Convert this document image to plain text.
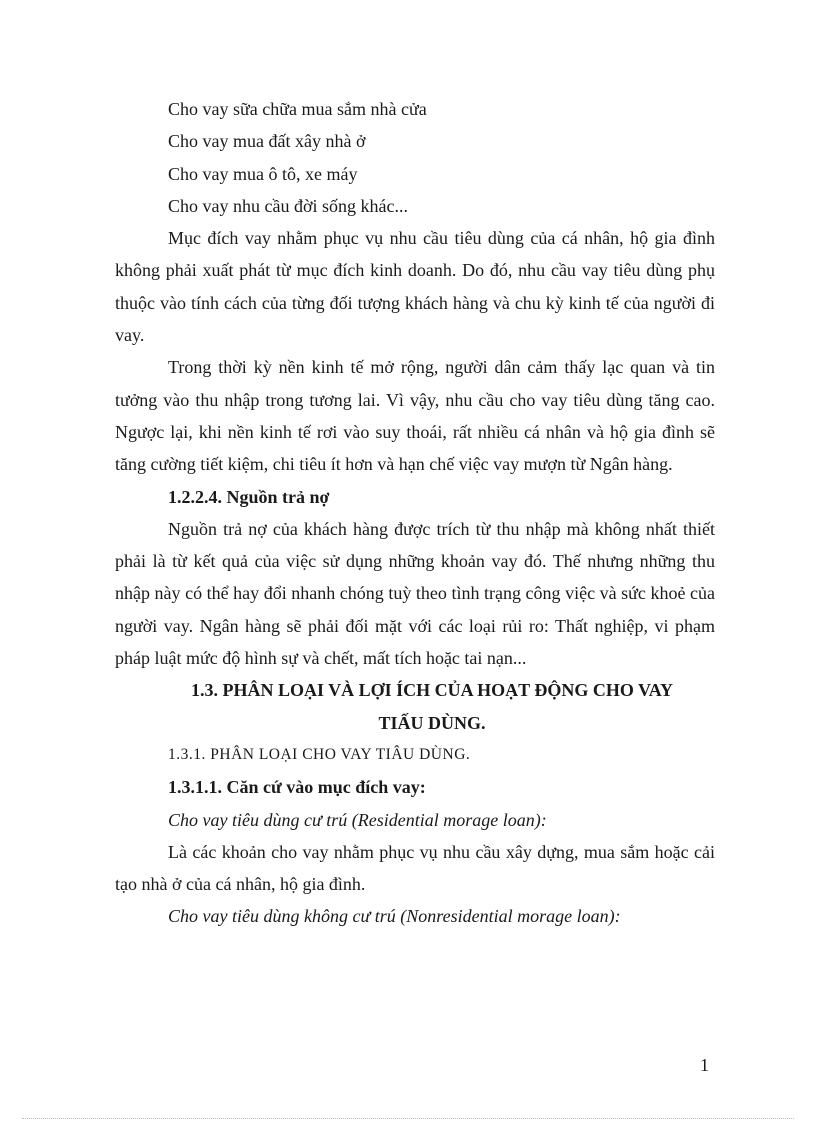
Cho vay sữa chữa mua sắm nhà cửa

Cho vay mua đất xây nhà ở

Cho vay mua ô tô, xe máy

Cho vay nhu cầu đời sống khác...

Mục đích vay nhằm phục vụ nhu cầu tiêu dùng của cá nhân, hộ gia đình không phải xuất phát từ mục đích kinh doanh. Do đó, nhu cầu vay tiêu dùng phụ thuộc vào tính cách của từng đối tượng khách hàng và chu kỳ kinh tế của người đi vay.

Trong thời kỳ nền kinh tế mở rộng, người dân cảm thấy lạc quan và tin tưởng vào thu nhập trong tương lai. Vì vậy, nhu cầu cho vay tiêu dùng tăng cao. Ngược lại, khi nền kinh tế rơi vào suy thoái, rất nhiều cá nhân và hộ gia đình sẽ tăng cường tiết kiệm, chi tiêu ít hơn và hạn chế việc vay mượn từ Ngân hàng.

1.2.2.4. Nguồn trả nợ

Nguồn trả nợ của khách hàng được trích từ thu nhập mà không nhất thiết phải là từ kết quả của việc sử dụng những khoản vay đó. Thế nhưng những thu nhập này có thể hay đổi nhanh chóng tuỳ theo tình trạng công việc và sức khoẻ của người vay. Ngân hàng sẽ phải đối mặt với các loại rủi ro: Thất nghiệp, vi phạm pháp luật mức độ hình sự và chết, mất tích hoặc tai nạn...

1.3. PHÂN LOẠI VÀ LỢI ÍCH CỦA HOẠT ĐỘNG CHO VAY

TIẤU DÙNG.

1.3.1. PHÂN LOẠI CHO VAY TIÂU DÙNG.

1.3.1.1. Căn cứ vào mục đích vay:

Cho vay tiêu dùng cư trú (Residential morage loan):

Là các khoản cho vay nhằm phục vụ nhu cầu xây dựng, mua sắm hoặc cải tạo nhà ở của cá nhân, hộ gia đình.

Cho vay tiêu dùng không cư trú (Nonresidential morage loan):

1
